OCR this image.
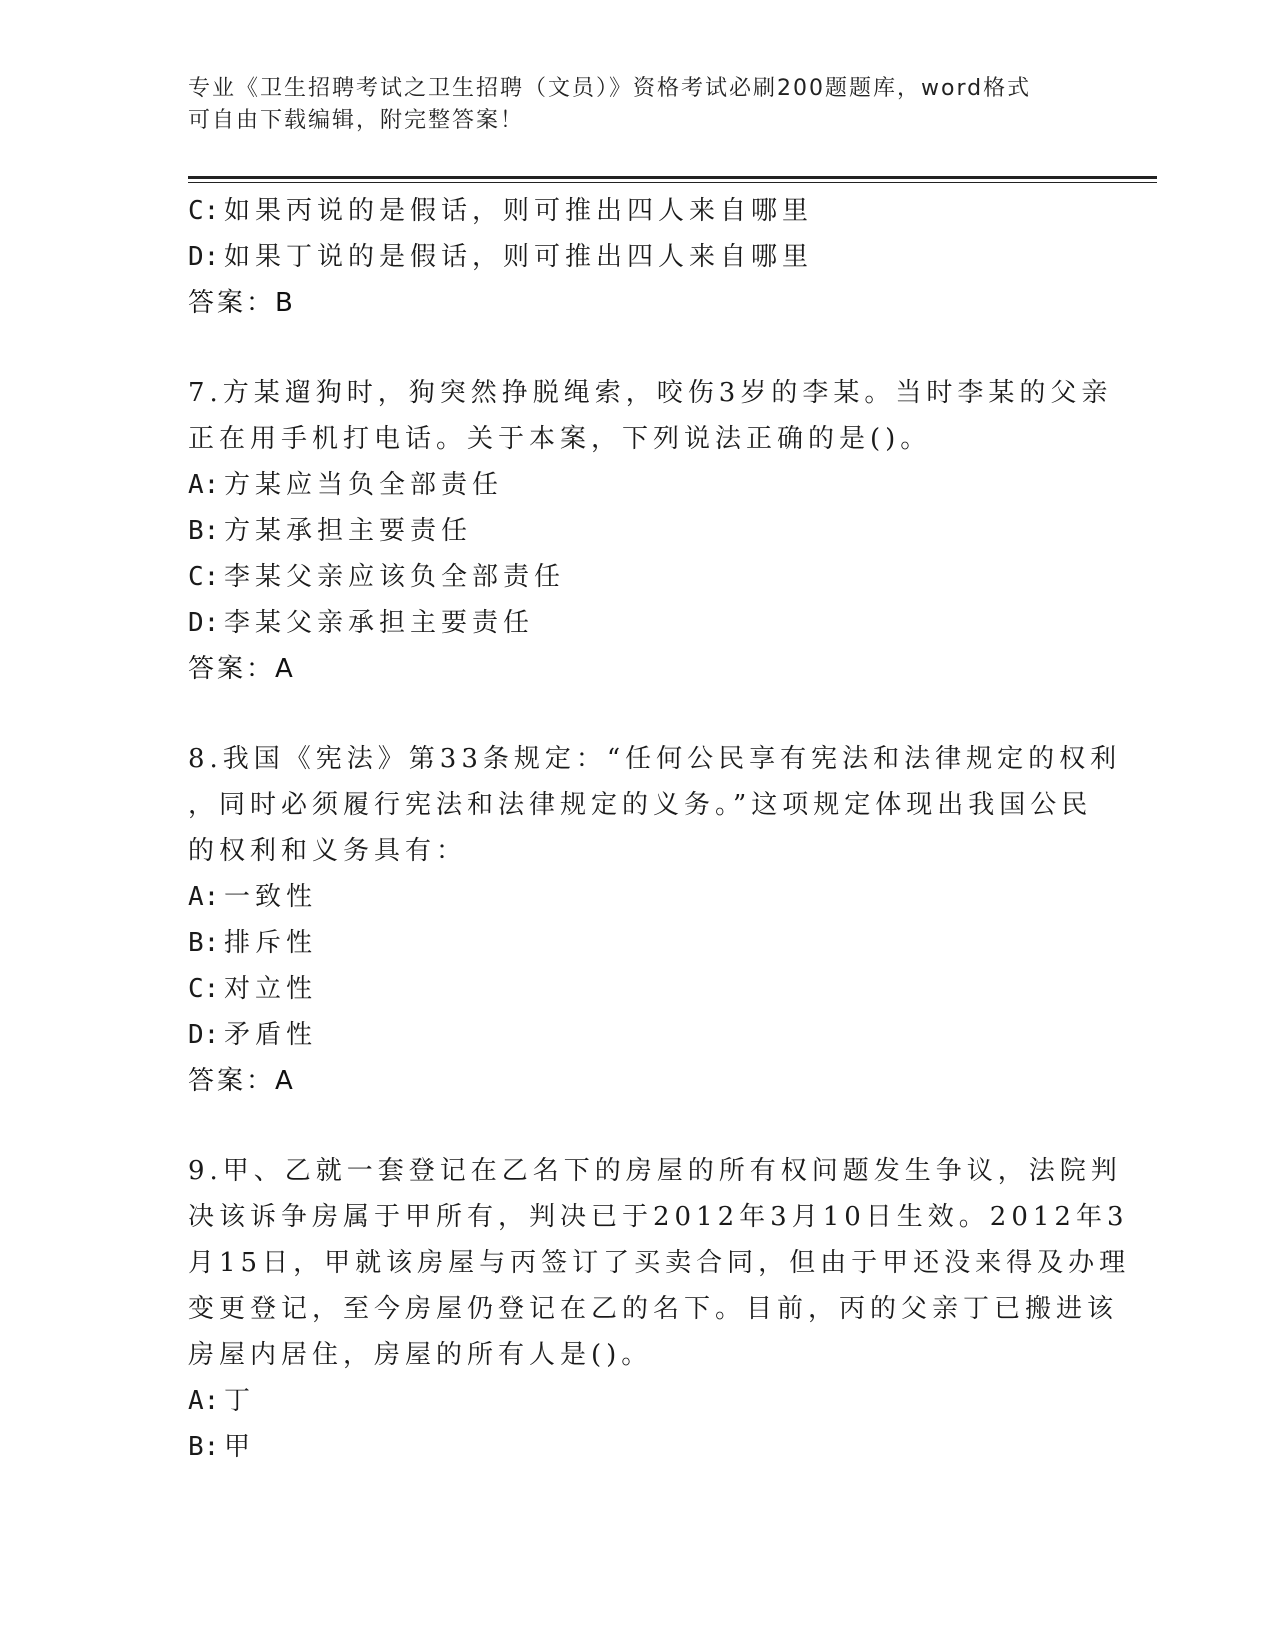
专业《卫生招聘考试之卫生招聘（文员）》资格考试必刷200题题库，word格式
可自由下载编辑，附完整答案！
C: 如果丙说的是假话，则可推出四人来自哪里
D: 如果丁说的是假话，则可推出四人来自哪里
答案：B
7.方某遛狗时，狗突然挣脱绳索，咬伤3岁的李某。当时李某的父亲
正在用手机打电话。关于本案，下列说法正确的是()。
A: 方某应当负全部责任
B: 方某承担主要责任
C: 李某父亲应该负全部责任
D: 李某父亲承担主要责任
答案：A
8.我国《宪法》第33条规定：“任何公民享有宪法和法律规定的权利
，同时必须履行宪法和法律规定的义务。”这项规定体现出我国公民
的权利和义务具有：
A: 一致性
B: 排斥性
C: 对立性
D: 矛盾性
答案：A
9.甲、乙就一套登记在乙名下的房屋的所有权问题发生争议，法院判
决该诉争房属于甲所有，判决已于2012年3月10日生效。2012年3
月15日，甲就该房屋与丙签订了买卖合同，但由于甲还没来得及办理
变更登记，至今房屋仍登记在乙的名下。目前，丙的父亲丁已搬进该
房屋内居住，房屋的所有人是()。
A: 丁
B: 甲
